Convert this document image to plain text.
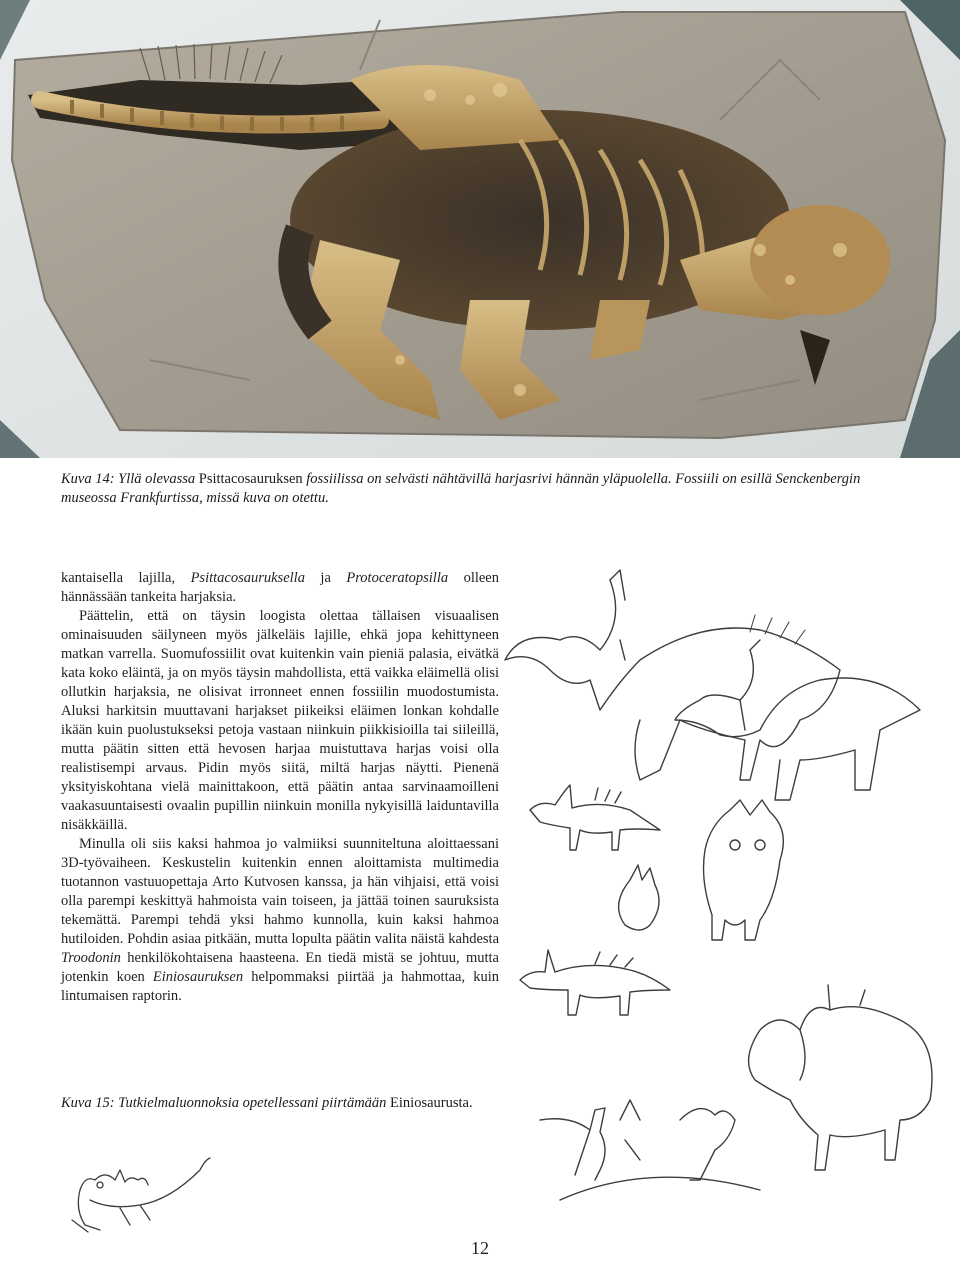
Kuva 14: Yllä olevassa Psittacosauruksen fossiilissa on selvästi nähtävillä harjasrivi hännän yläpuolella. Fossiili on esillä Senckenbergin museossa Frankfurtissa, missä kuva on otettu.

kantaisella lajilla, Psittacosauruksella ja Protoceratopsilla olleen hännässään tankeita harjaksia.

Päättelin, että on täysin loogista olettaa tällaisen visuaalisen ominaisuuden säilyneen myös jälkeläis lajille, ehkä jopa kehittyneen matkan varrella. Suomufossiilit ovat kuitenkin vain pieniä palasia, eivätkä kata koko eläintä, ja on myös täysin mahdollista, että vaikka eläimellä olisi ollutkin harjaksia, ne olisivat irronneet ennen fossiilin muodostumista. Aluksi harkitsin muuttavani harjakset piikeiksi eläimen lonkan kohdalle ikään kuin puolustukseksi petoja vastaan niinkuin piikkisioilla tai siileillä, mutta päätin sitten että hevosen harjaa muistuttava harjas voisi olla realistisempi arvaus. Pidin myös siitä, miltä harjas näytti. Pienenä yksityiskohtana vielä mainittakoon, että päätin antaa sarvinaamoilleni vaakasuuntaisesti ovaalin pupillin niinkuin monilla nykyisillä laiduntavilla nisäkkäillä.

Minulla oli siis kaksi hahmoa jo valmiiksi suunniteltuna aloittaessani 3D-työvaiheen. Keskustelin kuitenkin ennen aloittamista multimedia tuotannon vastuuopettaja Arto Kutvosen kanssa, ja hän vihjaisi, että voisi olla parempi keskittyä hahmoista vain toiseen, ja jättää toinen sauruksista tekemättä. Parempi tehdä yksi hahmo kunnolla, kuin kaksi hahmoa hutiloiden. Pohdin asiaa pitkään, mutta lopulta päätin valita näistä kahdesta Troodonin henkilökohtaisena haasteena. En tiedä mistä se johtuu, mutta jotenkin koen Einiosauruksen helpommaksi piirtää ja hahmottaa, kuin lintumaisen raptorin.

Kuva 15: Tutkielmaluonnoksia opetellessani piirtämään Einiosaurusta.
12
